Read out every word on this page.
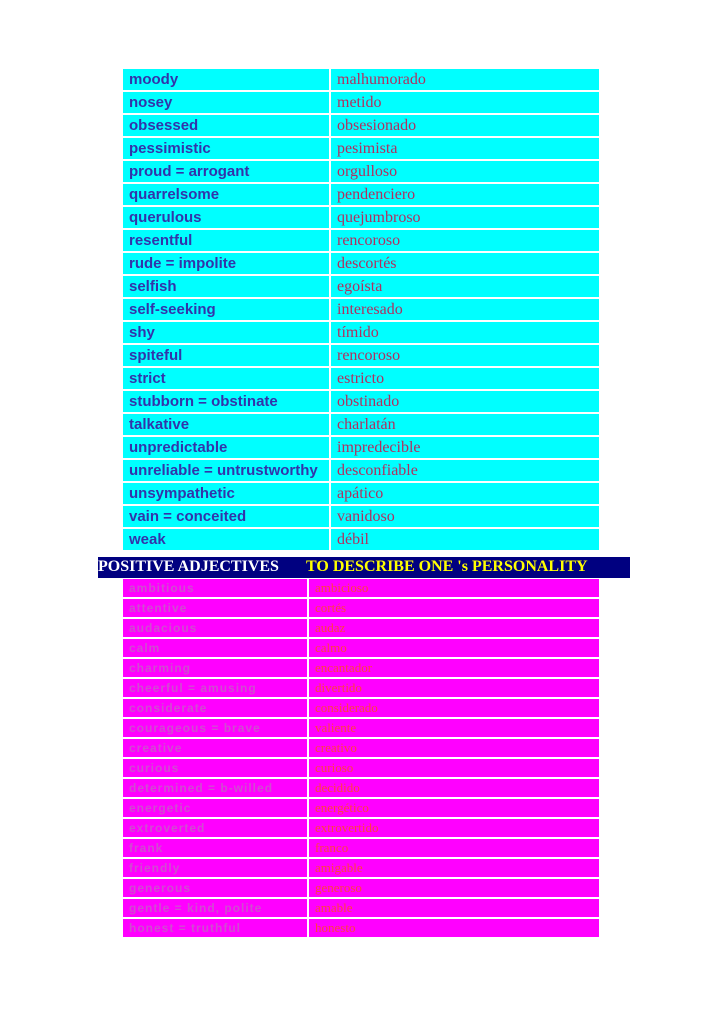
moody	malhumorado
nosey	metido
obsessed	obsesionado
pessimistic	pesimista
proud = arrogant	orgulloso
quarrelsome	pendenciero
querulous	quejumbroso
resentful	rencoroso
rude = impolite	descortés
selfish	egoísta
self-seeking	interesado
shy	tímido
spiteful	rencoroso
strict	estricto
stubborn = obstinate	obstinado
talkative	charlatán
unpredictable	impredecible
unreliable = untrustworthy	desconfiable
unsympathetic	apático
vain = conceited	vanidoso
weak	débil
POSITIVE ADJECTIVES TO DESCRIBE ONE 's PERSONALITY
ambitious	ambicioso
attentive	cortés
audacious	audaz
calm	calmo
charming	encantador
cheerful = amusing	divertido
considerate	considerado
courageous = brave	valiente
creative	creativo
curious	curioso
determined = b-willed	decidido
energetic	energético
extroverted	extrovertido
frank	franco
friendly	amigable
generous	generoso
gentle = kind, polite	amable
honest = truthful	honesto
